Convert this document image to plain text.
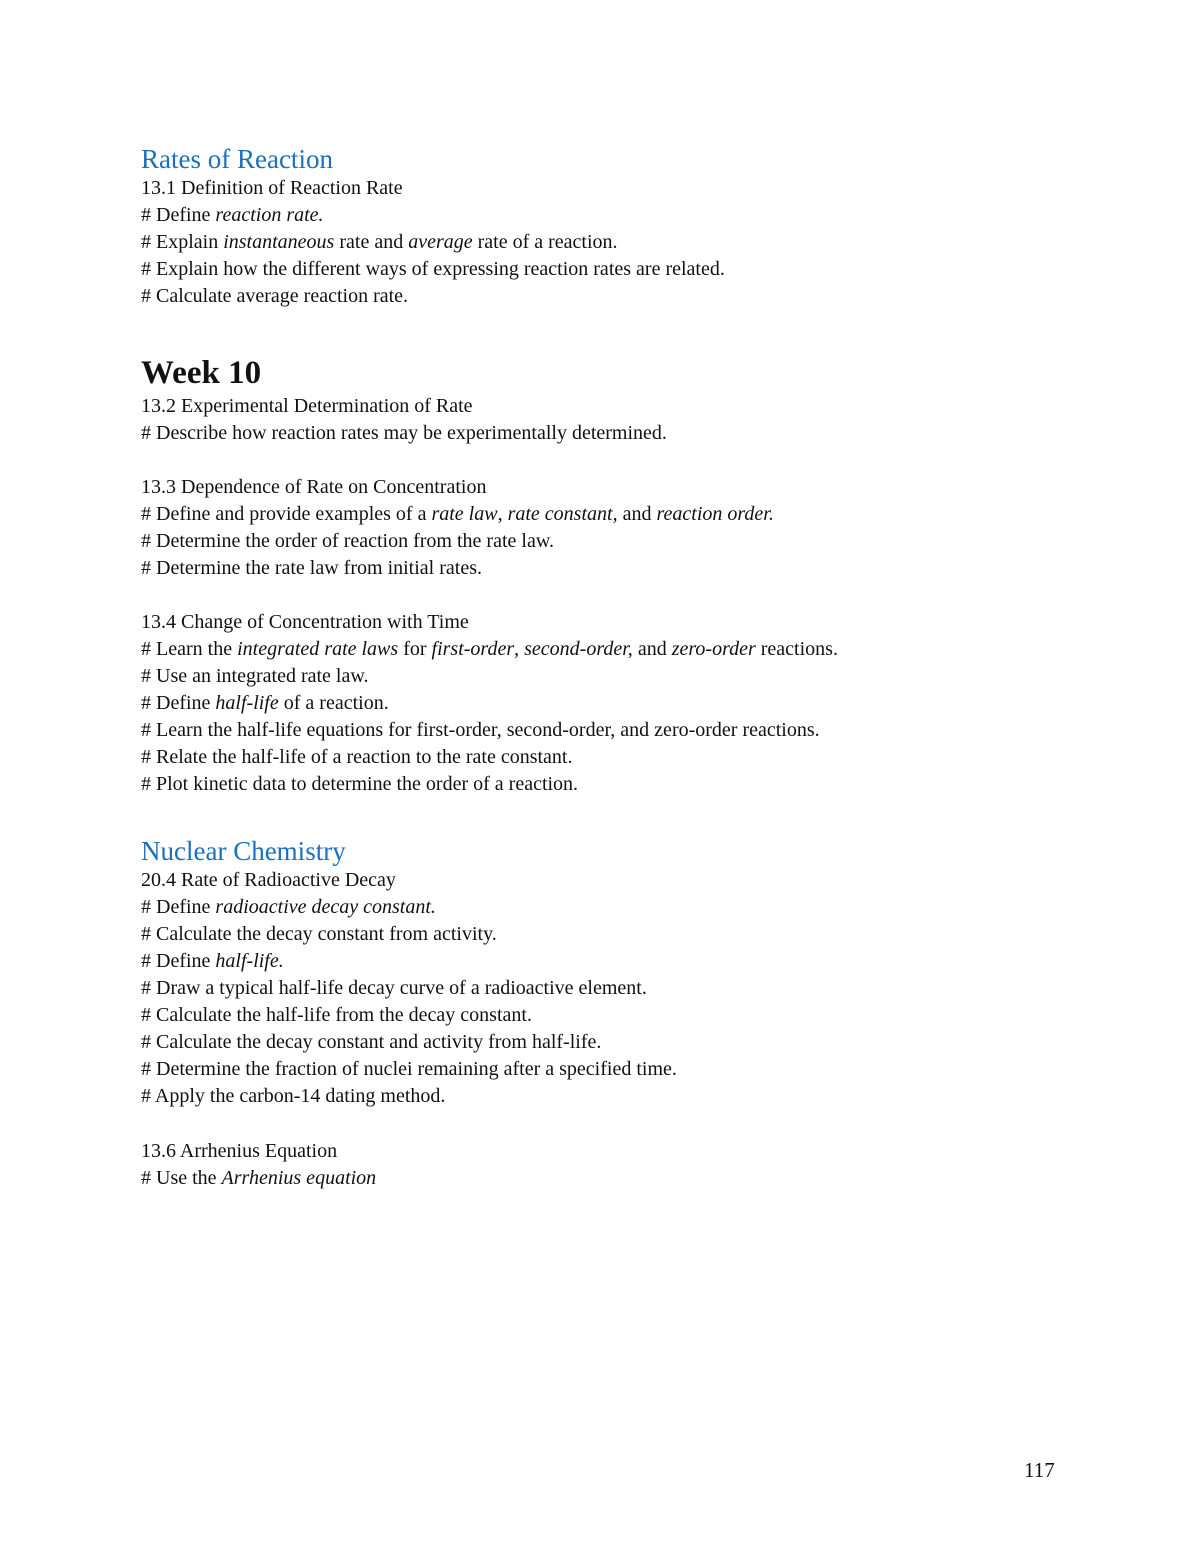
Rates of Reaction
13.1 Definition of Reaction Rate
# Define reaction rate.
# Explain instantaneous rate and average rate of a reaction.
# Explain how the different ways of expressing reaction rates are related.
# Calculate average reaction rate.
Week 10
13.2 Experimental Determination of Rate
# Describe how reaction rates may be experimentally determined.
13.3 Dependence of Rate on Concentration
# Define and provide examples of a rate law, rate constant, and reaction order.
# Determine the order of reaction from the rate law.
# Determine the rate law from initial rates.
13.4 Change of Concentration with Time
# Learn the integrated rate laws for first-order, second-order, and zero-order reactions.
# Use an integrated rate law.
# Define half-life of a reaction.
# Learn the half-life equations for first-order, second-order, and zero-order reactions.
# Relate the half-life of a reaction to the rate constant.
# Plot kinetic data to determine the order of a reaction.
Nuclear Chemistry
20.4 Rate of Radioactive Decay
# Define radioactive decay constant.
# Calculate the decay constant from activity.
# Define half-life.
# Draw a typical half-life decay curve of a radioactive element.
# Calculate the half-life from the decay constant.
# Calculate the decay constant and activity from half-life.
# Determine the fraction of nuclei remaining after a specified time.
# Apply the carbon-14 dating method.
13.6 Arrhenius Equation
# Use the Arrhenius equation
117
